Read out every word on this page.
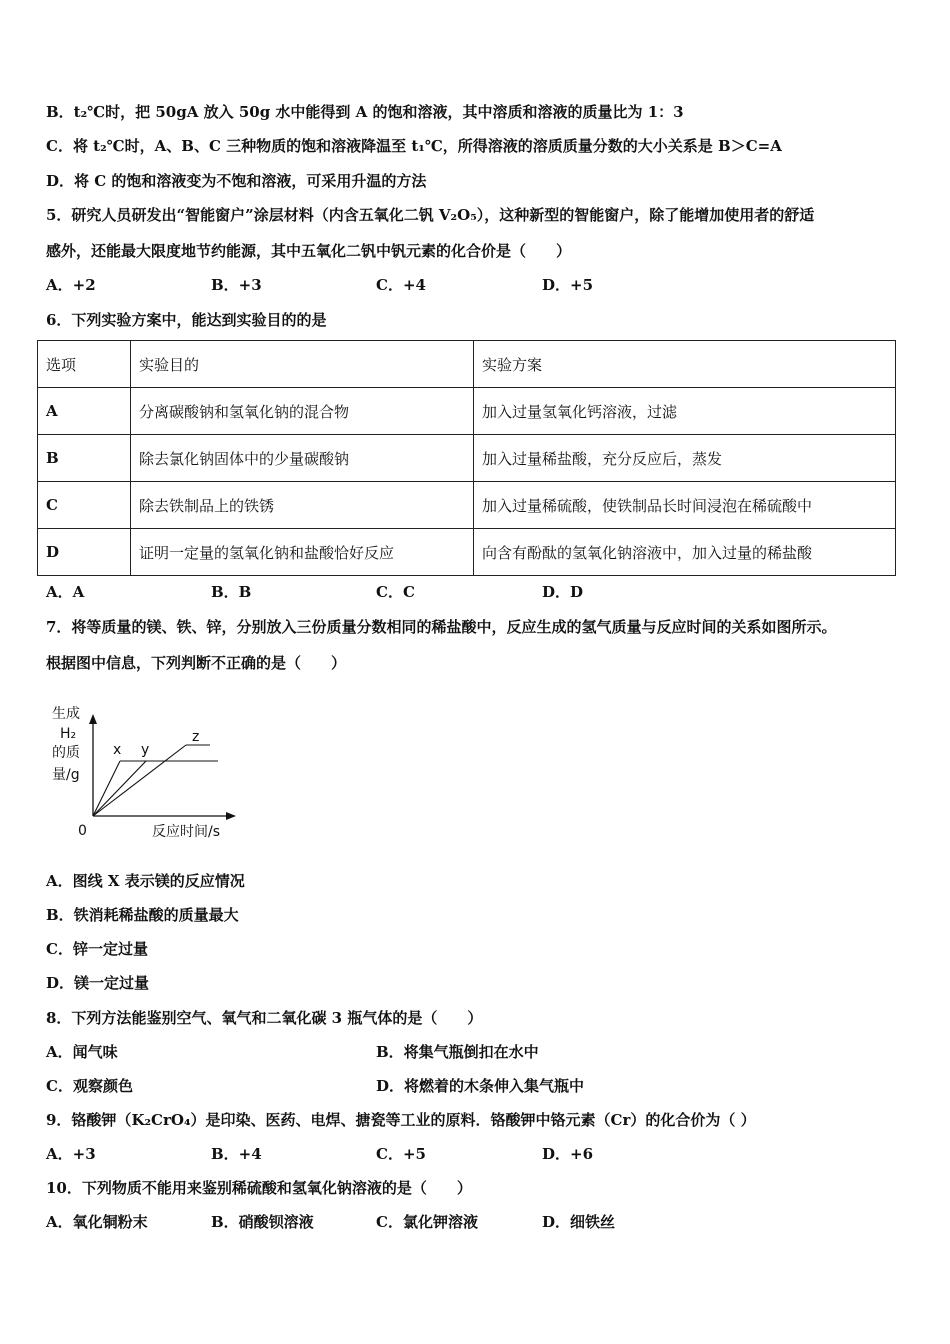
B．t₂℃时，把 50gA 放入 50g 水中能得到 A 的饱和溶液，其中溶质和溶液的质量比为 1：3
C．将 t₂℃时，A、B、C 三种物质的饱和溶液降温至 t₁℃，所得溶液的溶质质量分数的大小关系是 B＞C=A
D．将 C 的饱和溶液变为不饱和溶液，可采用升温的方法
5．研究人员研发出“智能窗户”涂层材料（内含五氧化二钒 V₂O₅），这种新型的智能窗户，除了能增加使用者的舒适
感外，还能最大限度地节约能源，其中五氧化二钒中钒元素的化合价是（　　）
A．+2	B．+3	C．+4	D．+5
6．下列实验方案中，能达到实验目的的是
选项	实验目的	实验方案
A	分离碳酸钠和氢氧化钠的混合物	加入过量氢氧化钙溶液，过滤
B	除去氯化钠固体中的少量碳酸钠	加入过量稀盐酸，充分反应后，蒸发
C	除去铁制品上的铁锈	加入过量稀硫酸，使铁制品长时间浸泡在稀硫酸中
D	证明一定量的氢氧化钠和盐酸恰好反应	向含有酚酞的氢氧化钠溶液中，加入过量的稀盐酸
A．A	B．B	C．C	D．D
7．将等质量的镁、铁、锌，分别放入三份质量分数相同的稀盐酸中，反应生成的氢气质量与反应时间的关系如图所示。
根据图中信息，下列判断不正确的是（　　）
生成
H₂
的质
量/g
x y
z
0	反应时间/s
A．图线 X 表示镁的反应情况
B．铁消耗稀盐酸的质量最大
C．锌一定过量
D．镁一定过量
8．下列方法能鉴别空气、氧气和二氧化碳 3 瓶气体的是（　　）
A．闻气味	B．将集气瓶倒扣在水中
C．观察颜色	D．将燃着的木条伸入集气瓶中
9．铬酸钾（K₂CrO₄）是印染、医药、电焊、搪瓷等工业的原料．铬酸钾中铬元素（Cr）的化合价为（ ）
A．+3	B．+4	C．+5	D．+6
10．下列物质不能用来鉴别稀硫酸和氢氧化钠溶液的是（　　）
A．氧化铜粉末	B．硝酸钡溶液	C．氯化钾溶液	D．细铁丝
